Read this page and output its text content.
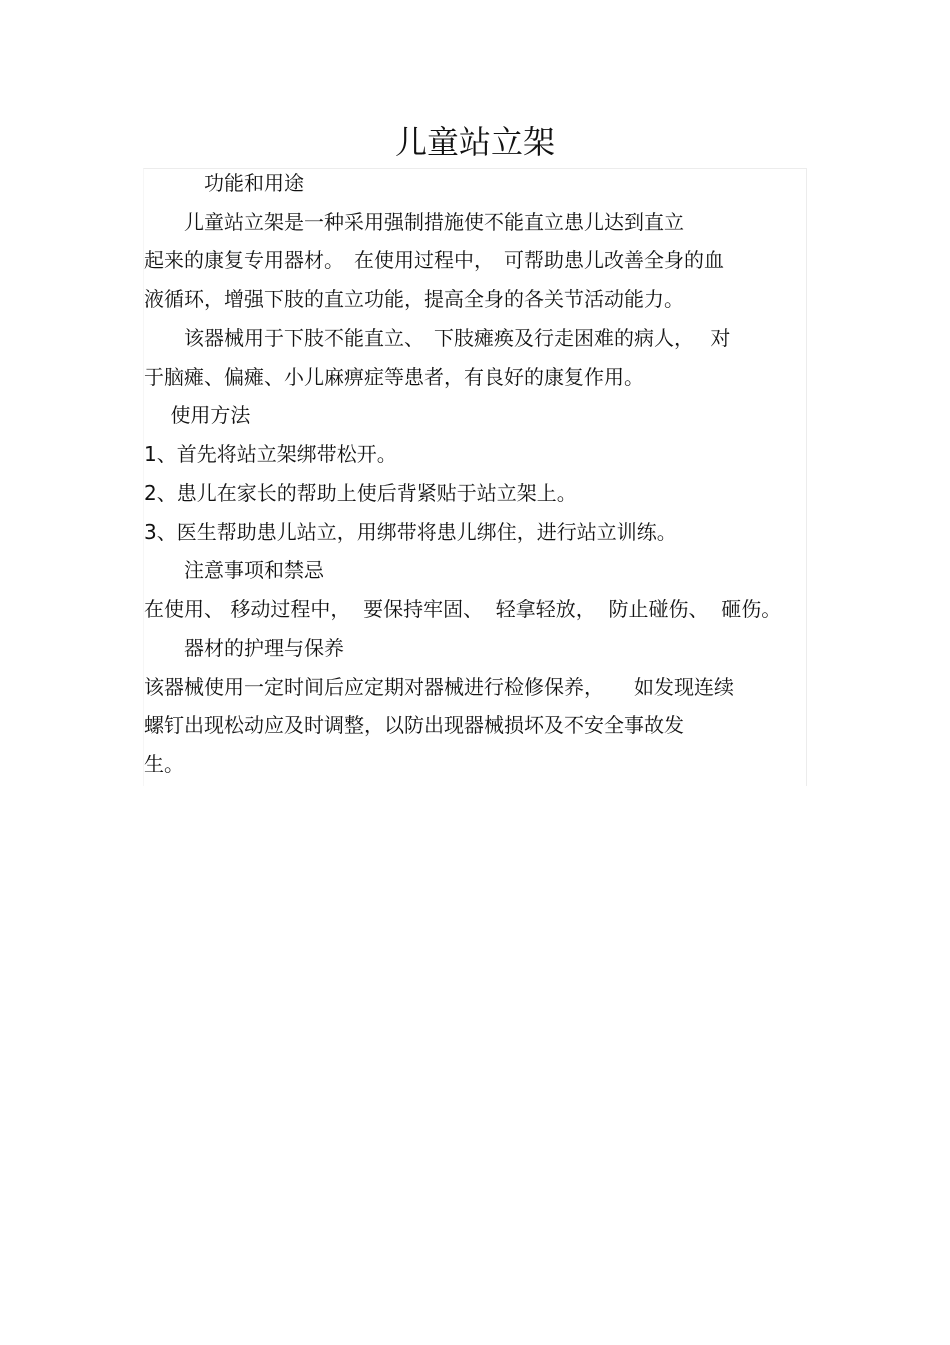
儿童站立架
　　　功能和用途
　　儿童站立架是一种采用强制措施使不能直立患儿达到直立
起来的康复专用器材。　在使用过程中，　可帮助患儿改善全身的血
液循环，增强下肢的直立功能，提高全身的各关节活动能力。
　　该器械用于下肢不能直立、　下肢瘫痪及行走困难的病人，　 对
于脑瘫、偏瘫、小儿麻痹症等患者，有良好的康复作用。
　 使用方法
1、首先将站立架绑带松开。
2、患儿在家长的帮助上使后背紧贴于站立架上。
3、医生帮助患儿站立，用绑带将患儿绑住，进行站立训练。
　　注意事项和禁忌
在使用、 移动过程中，  要保持牢固、  轻拿轻放，  防止碰伤、  砸伤。
　　器材的护理与保养
该器械使用一定时间后应定期对器械进行检修保养，　　如发现连续
螺钉出现松动应及时调整，以防出现器械损坏及不安全事故发
生。
